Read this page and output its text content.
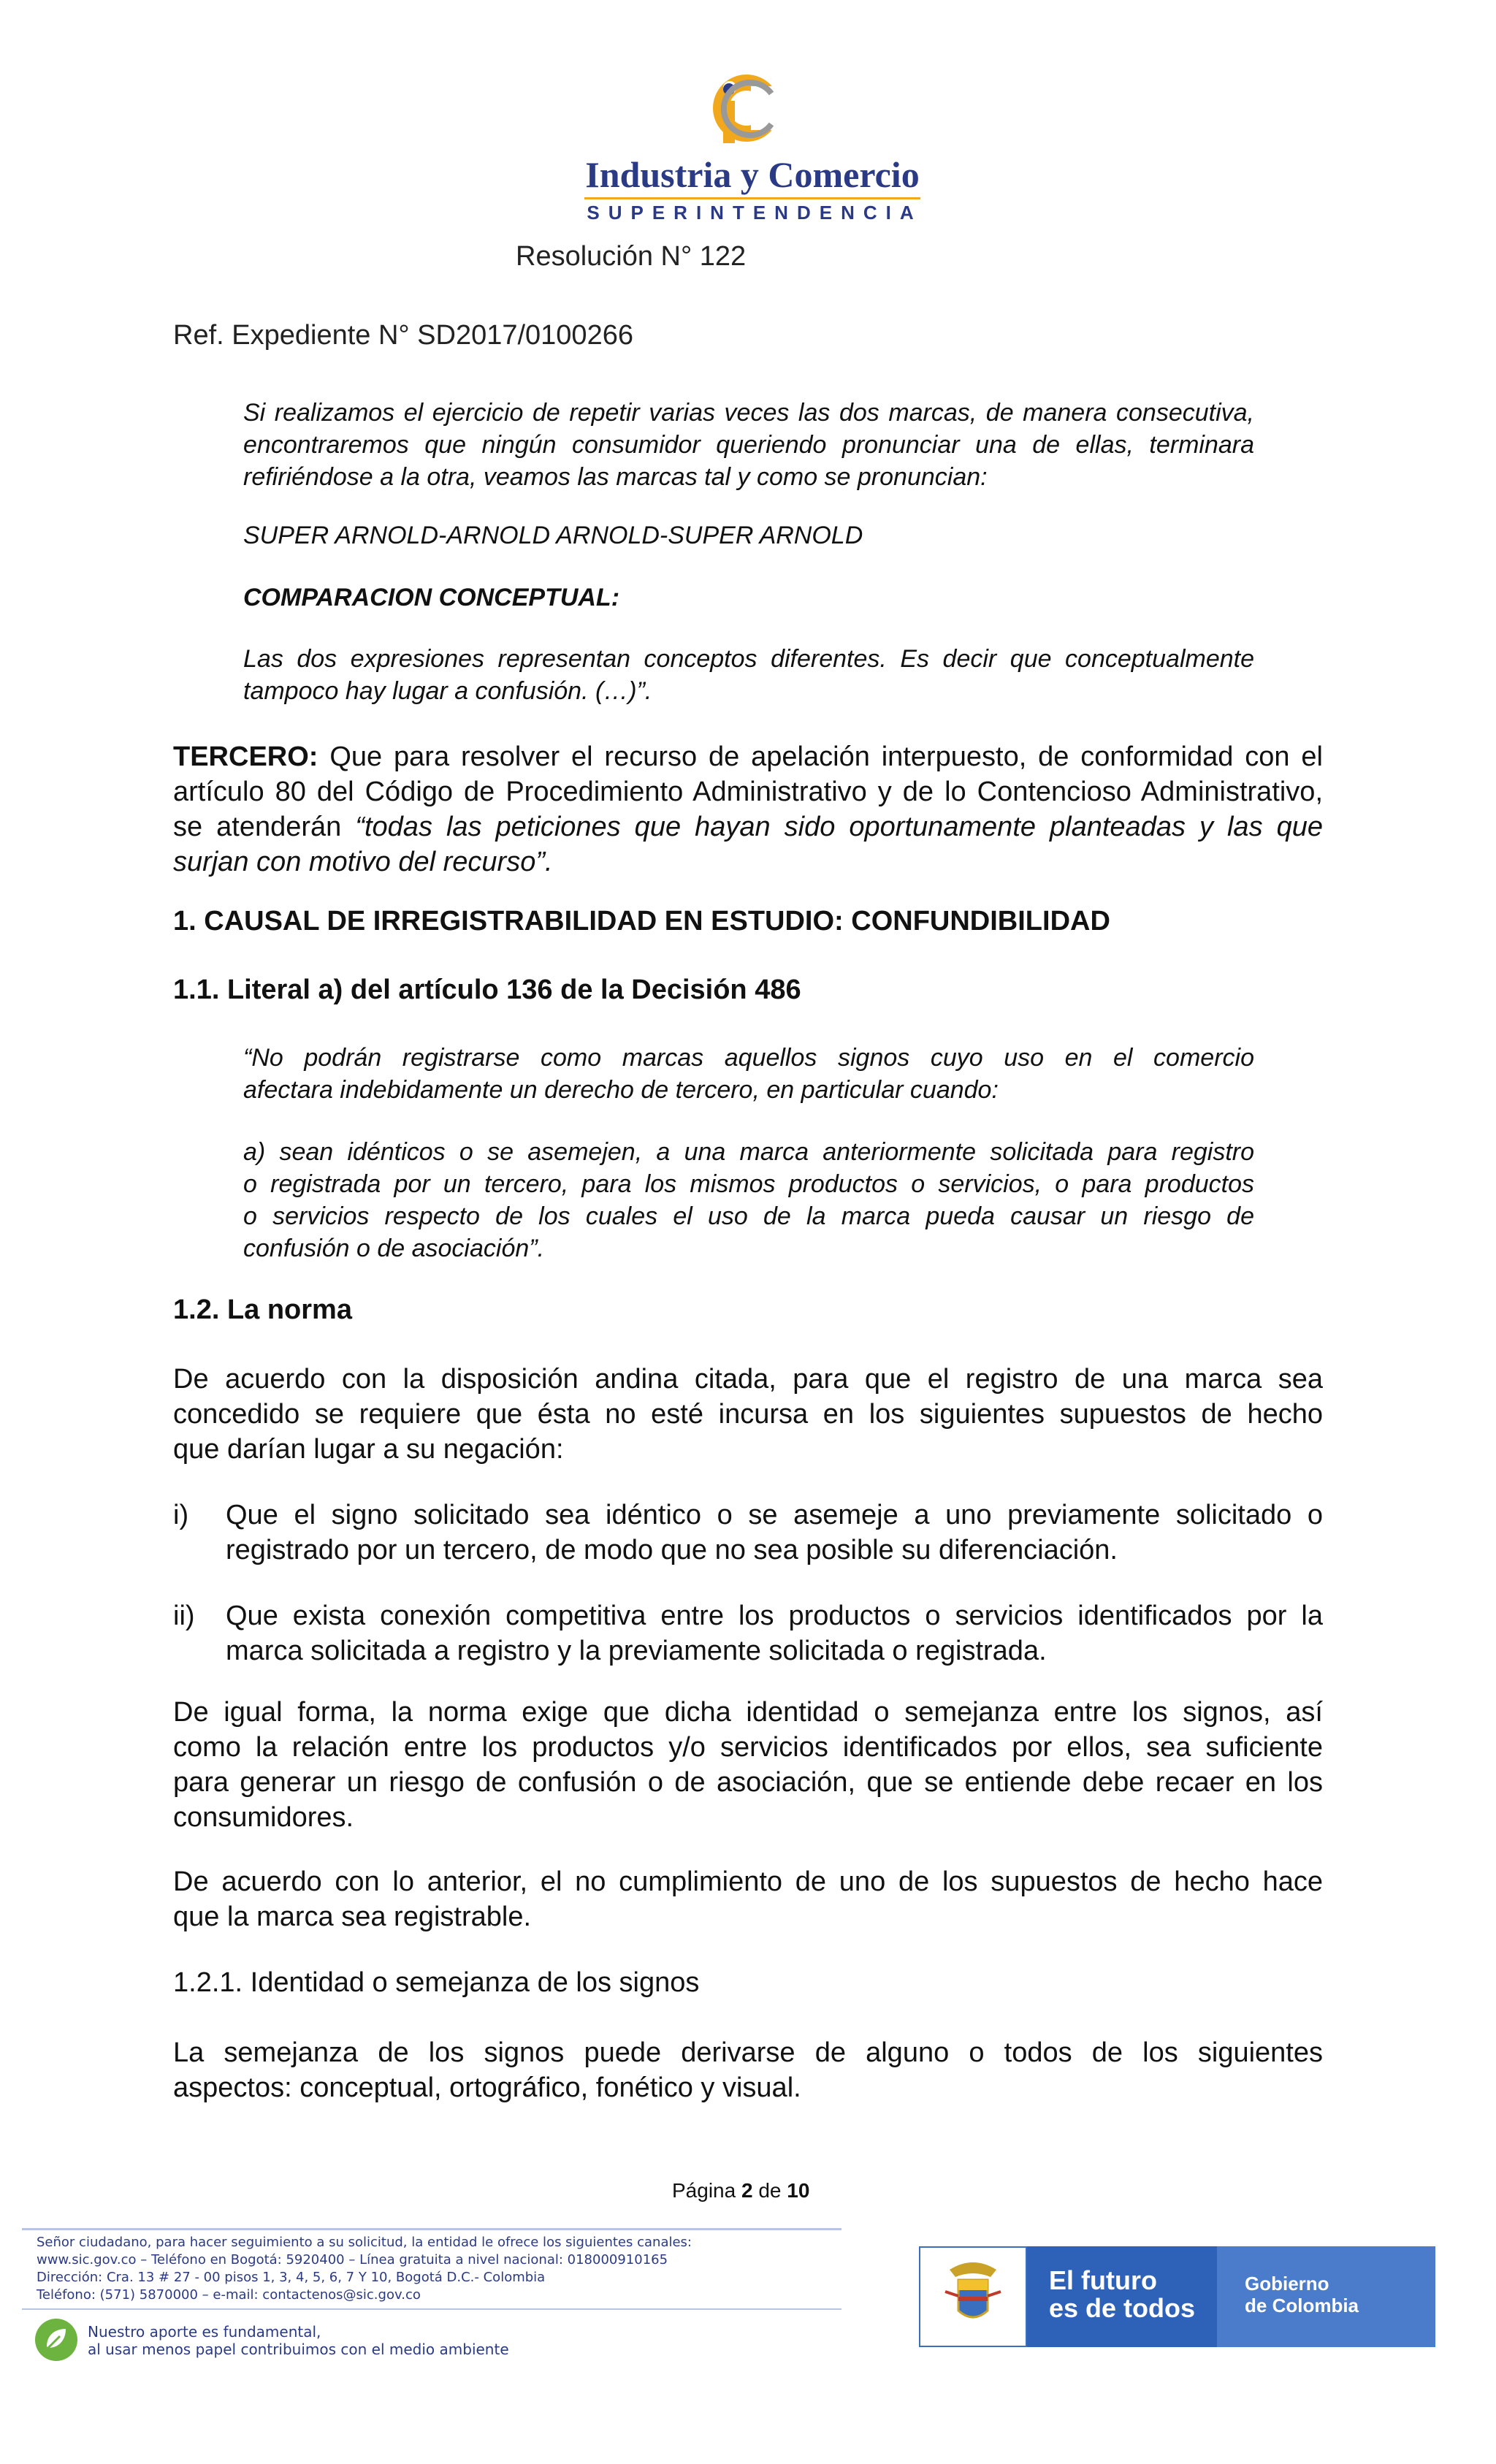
Industria y Comercio
SUPERINTENDENCIA
Resolución N° 122
Ref. Expediente N° SD2017/0100266
Si realizamos el ejercicio de repetir varias veces las dos marcas, de manera consecutiva,
encontraremos que ningún consumidor queriendo pronunciar una de ellas, terminara
refiriéndose a la otra, veamos las marcas tal y como se pronuncian:
SUPER ARNOLD-ARNOLD ARNOLD-SUPER ARNOLD
COMPARACION CONCEPTUAL:
Las dos expresiones representan conceptos diferentes. Es decir que conceptualmente
tampoco hay lugar a confusión. (…)”.
TERCERO: Que para resolver el recurso de apelación interpuesto, de conformidad con el
artículo 80 del Código de Procedimiento Administrativo y de lo Contencioso Administrativo,
se atenderán “todas las peticiones que hayan sido oportunamente planteadas y las que
surjan con motivo del recurso”.
1. CAUSAL DE IRREGISTRABILIDAD EN ESTUDIO: CONFUNDIBILIDAD
1.1. Literal a) del artículo 136 de la Decisión 486
“No podrán registrarse como marcas aquellos signos cuyo uso en el comercio
afectara indebidamente un derecho de tercero, en particular cuando:
a) sean idénticos o se asemejen, a una marca anteriormente solicitada para registro
o registrada por un tercero, para los mismos productos o servicios, o para productos
o servicios respecto de los cuales el uso de la marca pueda causar un riesgo de
confusión o de asociación”.
1.2. La norma
De acuerdo con la disposición andina citada, para que el registro de una marca sea
concedido se requiere que ésta no esté incursa en los siguientes supuestos de hecho
que darían lugar a su negación:
i) Que el signo solicitado sea idéntico o se asemeje a uno previamente solicitado o
registrado por un tercero, de modo que no sea posible su diferenciación.
ii) Que exista conexión competitiva entre los productos o servicios identificados por la
marca solicitada a registro y la previamente solicitada o registrada.
De igual forma, la norma exige que dicha identidad o semejanza entre los signos, así
como la relación entre los productos y/o servicios identificados por ellos, sea suficiente
para generar un riesgo de confusión o de asociación, que se entiende debe recaer en los
consumidores.
De acuerdo con lo anterior, el no cumplimiento de uno de los supuestos de hecho hace
que la marca sea registrable.
1.2.1. Identidad o semejanza de los signos
La semejanza de los signos puede derivarse de alguno o todos de los siguientes
aspectos: conceptual, ortográfico, fonético y visual.
Página 2 de 10
Señor ciudadano, para hacer seguimiento a su solicitud, la entidad le ofrece los siguientes canales:
www.sic.gov.co – Teléfono en Bogotá: 5920400 – Línea gratuita a nivel nacional: 018000910165
Dirección: Cra. 13 # 27 - 00 pisos 1, 3, 4, 5, 6, 7 Y 10, Bogotá D.C.- Colombia
Teléfono: (571) 5870000 – e-mail: contactenos@sic.gov.co
Nuestro aporte es fundamental,
al usar menos papel contribuimos con el medio ambiente
El futuro
es de todos
Gobierno
de Colombia
